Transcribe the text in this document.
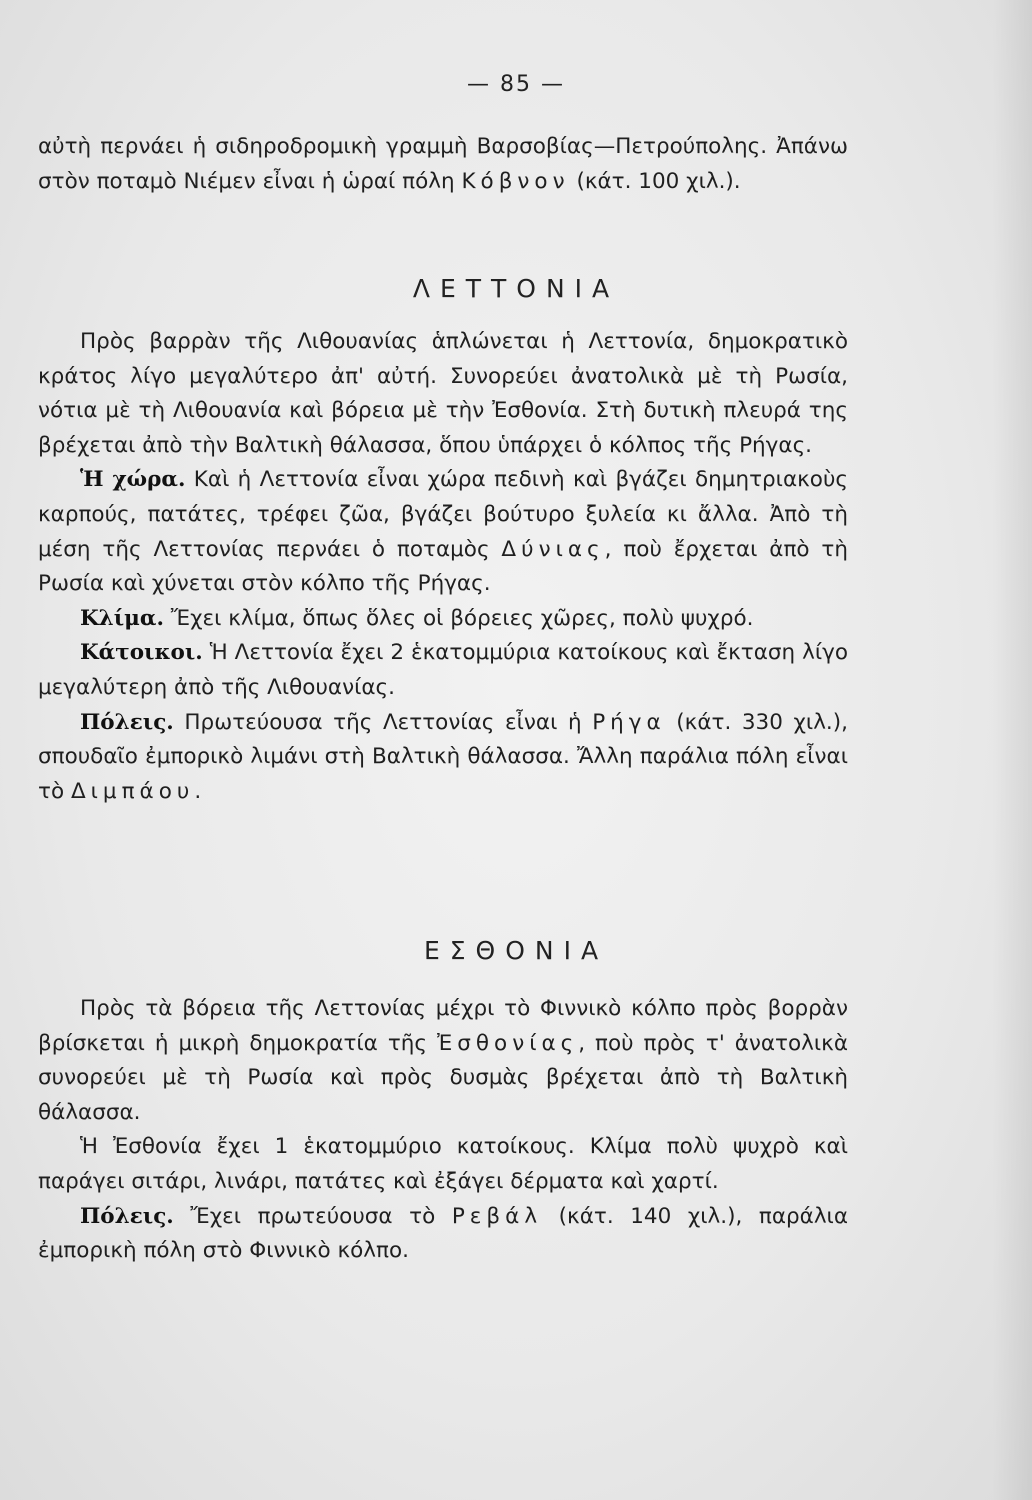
— 85 —

αὐτὴ περνάει ἡ σιδηροδρομικὴ γραμμὴ Βαρσοβίας—Πετρούπολης. Ἀπάνω στὸν ποταμὸ Νιέμεν εἶναι ἡ ὡραί πόλη Κόβνον (κάτ. 100 χιλ.).

ΛΕΤΤΟΝΙΑ

Πρὸς βαρρὰν τῆς Λιθουανίας ἁπλώνεται ἡ Λεττονία, δημοκρατικὸ κράτος λίγο μεγαλύτερο ἀπ' αὐτή. Συνορεύει ἀνατολικὰ μὲ τὴ Ρωσία, νότια μὲ τὴ Λιθουανία καὶ βόρεια μὲ τὴν Ἐσθονία. Στὴ δυτικὴ πλευρά της βρέχεται ἀπὸ τὴν Βαλτικὴ θάλασσα, ὅπου ὑπάρχει ὁ κόλπος τῆς Ρήγας.

Ἡ χώρα. Καὶ ἡ Λεττονία εἶναι χώρα πεδινὴ καὶ βγάζει δημητριακοὺς καρπούς, πατάτες, τρέφει ζῶα, βγάζει βούτυρο ξυλεία κι ἄλλα. Ἀπὸ τὴ μέση τῆς Λεττονίας περνάει ὁ ποταμὸς Δύνιας, ποὺ ἔρχεται ἀπὸ τὴ Ρωσία καὶ χύνεται στὸν κόλπο τῆς Ρήγας.

Κλίμα. Ἔχει κλίμα, ὅπως ὅλες οἱ βόρειες χῶρες, πολὺ ψυχρό.

Κάτοικοι. Ἡ Λεττονία ἔχει 2 ἑκατομμύρια κατοίκους καὶ ἔκταση λίγο μεγαλύτερη ἀπὸ τῆς Λιθουανίας.

Πόλεις. Πρωτεύουσα τῆς Λεττονίας εἶναι ἡ Ρήγα (κάτ. 330 χιλ.), σπουδαῖο ἐμπορικὸ λιμάνι στὴ Βαλτικὴ θάλασσα. Ἄλλη παράλια πόλη εἶναι τὸ Διμπάου.

ΕΣΘΟΝΙΑ

Πρὸς τὰ βόρεια τῆς Λεττονίας μέχρι τὸ Φιννικὸ κόλπο πρὸς βορρὰν βρίσκεται ἡ μικρὴ δημοκρατία τῆς Ἐσθονίας, ποὺ πρὸς τ' ἀνατολικὰ συνορεύει μὲ τὴ Ρωσία καὶ πρὸς δυσμὰς βρέχεται ἀπὸ τὴ Βαλτικὴ θάλασσα.

Ἡ Ἐσθονία ἔχει 1 ἑκατομμύριο κατοίκους. Κλίμα πολὺ ψυχρὸ καὶ παράγει σιτάρι, λινάρι, πατάτες καὶ ἐξάγει δέρματα καὶ χαρτί.

Πόλεις. Ἔχει πρωτεύουσα τὸ Ρεβάλ (κάτ. 140 χιλ.), παράλια ἐμπορικὴ πόλη στὸ Φιννικὸ κόλπο.
